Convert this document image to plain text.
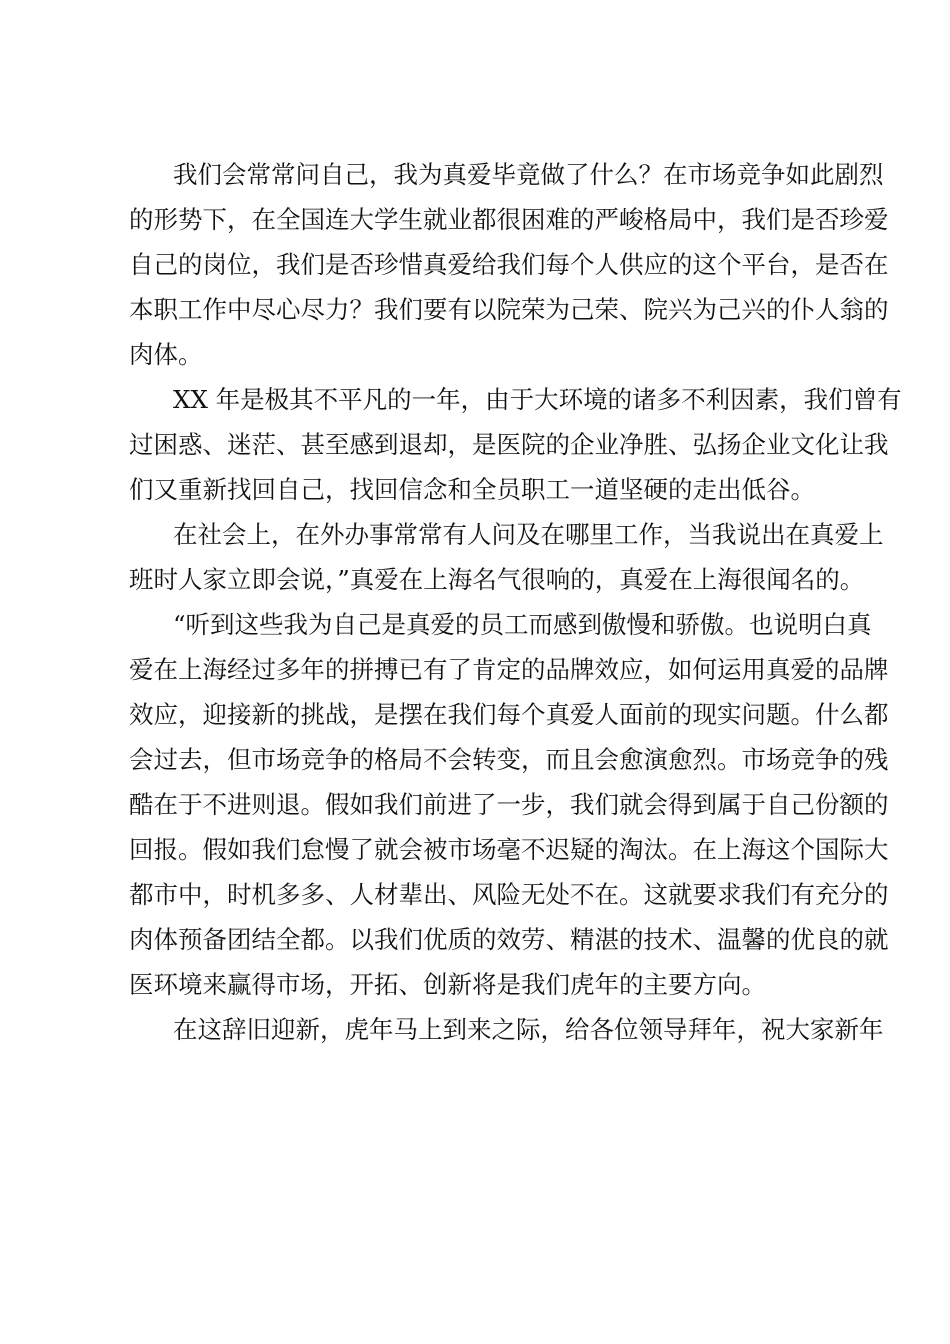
我们会常常问自己，我为真爱毕竟做了什么？在市场竞争如此剧烈
的形势下，在全国连大学生就业都很困难的严峻格局中，我们是否珍爱
自己的岗位，我们是否珍惜真爱给我们每个人供应的这个平台，是否在
本职工作中尽心尽力？我们要有以院荣为己荣、院兴为己兴的仆人翁的
肉体。
XX 年是极其不平凡的一年，由于大环境的诸多不利因素，我们曾有
过困惑、迷茫、甚至感到退却，是医院的企业净胜、弘扬企业文化让我
们又重新找回自己，找回信念和全员职工一道坚硬的走出低谷。
在社会上，在外办事常常有人问及在哪里工作，当我说出在真爱上
班时人家立即会说，”真爱在上海名气很响的，真爱在上海很闻名的。
“听到这些我为自己是真爱的员工而感到傲慢和骄傲。也说明白真
爱在上海经过多年的拼搏已有了肯定的品牌效应，如何运用真爱的品牌
效应，迎接新的挑战，是摆在我们每个真爱人面前的现实问题。什么都
会过去，但市场竞争的格局不会转变，而且会愈演愈烈。市场竞争的残
酷在于不进则退。假如我们前进了一步，我们就会得到属于自己份额的
回报。假如我们怠慢了就会被市场毫不迟疑的淘汰。在上海这个国际大
都市中，时机多多、人材辈出、风险无处不在。这就要求我们有充分的
肉体预备团结全都。以我们优质的效劳、精湛的技术、温馨的优良的就
医环境来赢得市场，开拓、创新将是我们虎年的主要方向。
在这辞旧迎新，虎年马上到来之际，给各位领导拜年，祝大家新年
